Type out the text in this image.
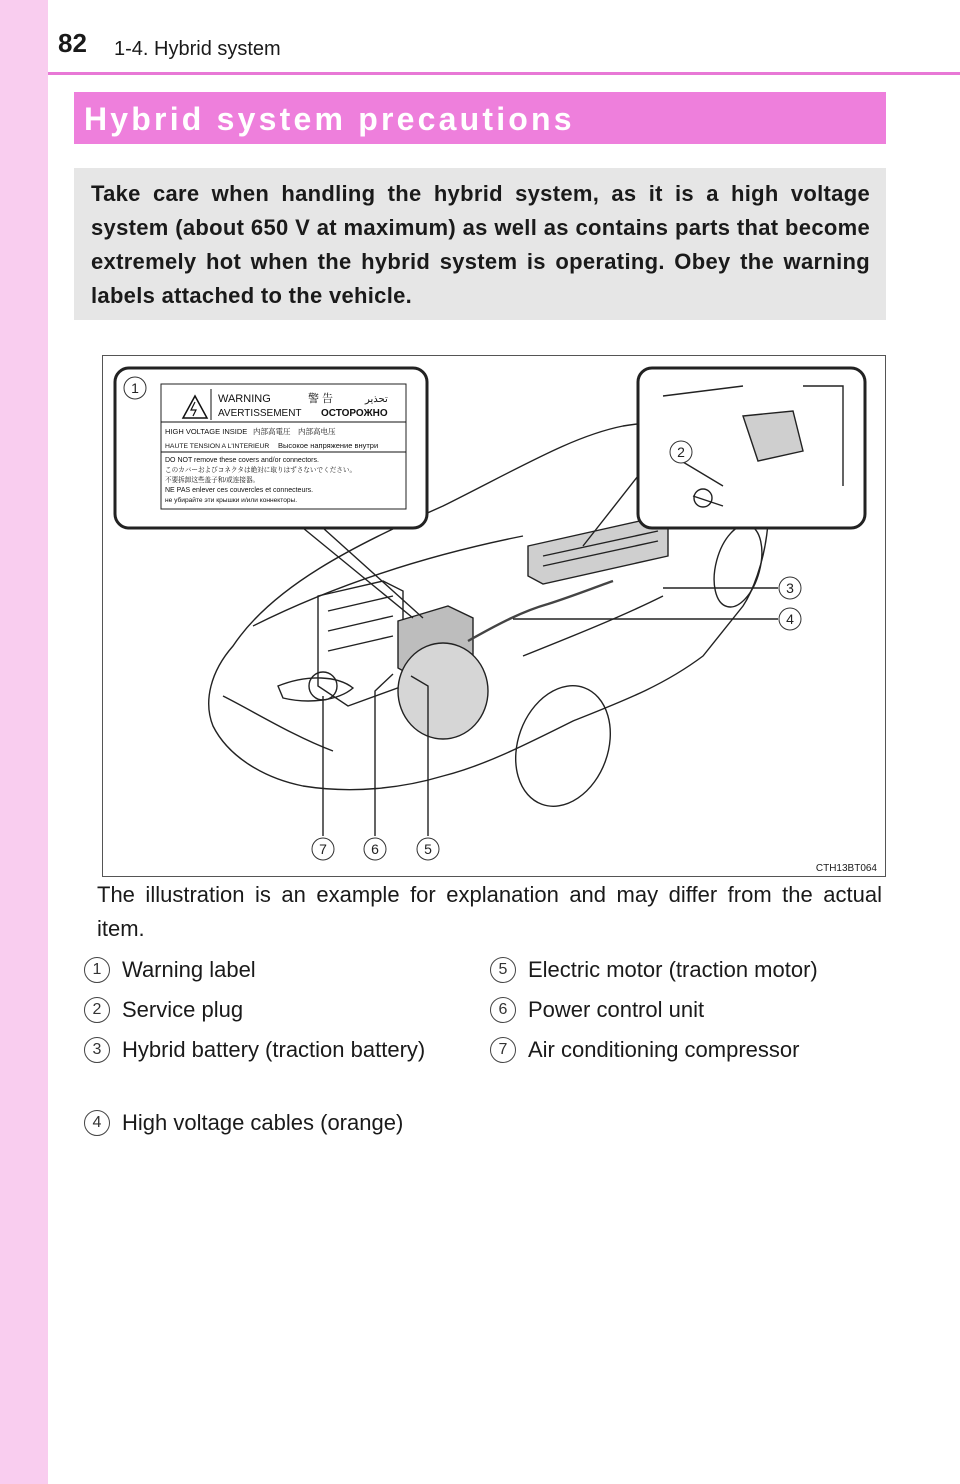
82 1-4. Hybrid system
Hybrid system precautions
Take care when handling the hybrid system, as it is a high voltage system (about 650 V at maximum) as well as contains parts that become extremely hot when the hybrid system is operating. Obey the warning labels attached to the vehicle.
WARNING	警 告	تحذير
AVERTISSEMENT ОСТОРОЖНО
HIGH VOLTAGE INSIDE 内部高電圧 内部高电压
HAUTE TENSION A L'INTERIEUR Высокое напряжение внутри
DO NOT remove these covers and/or connectors.
このカバーおよびコネクタは絶対に取りはずさないでください。
不要拆卸这些盖子和/或连接器。
NE PAS enlever ces couvercles et connecteurs.
не убирайте эти крышки и/или коннекторы.
1
2
3
4
5
6
7
CTH13BT064
The illustration is an example for explanation and may differ from the actual item.
1 Warning label
2 Service plug
3 Hybrid battery (traction battery)
4 High voltage cables (orange)
5 Electric motor (traction motor)
6 Power control unit
7 Air conditioning compressor
